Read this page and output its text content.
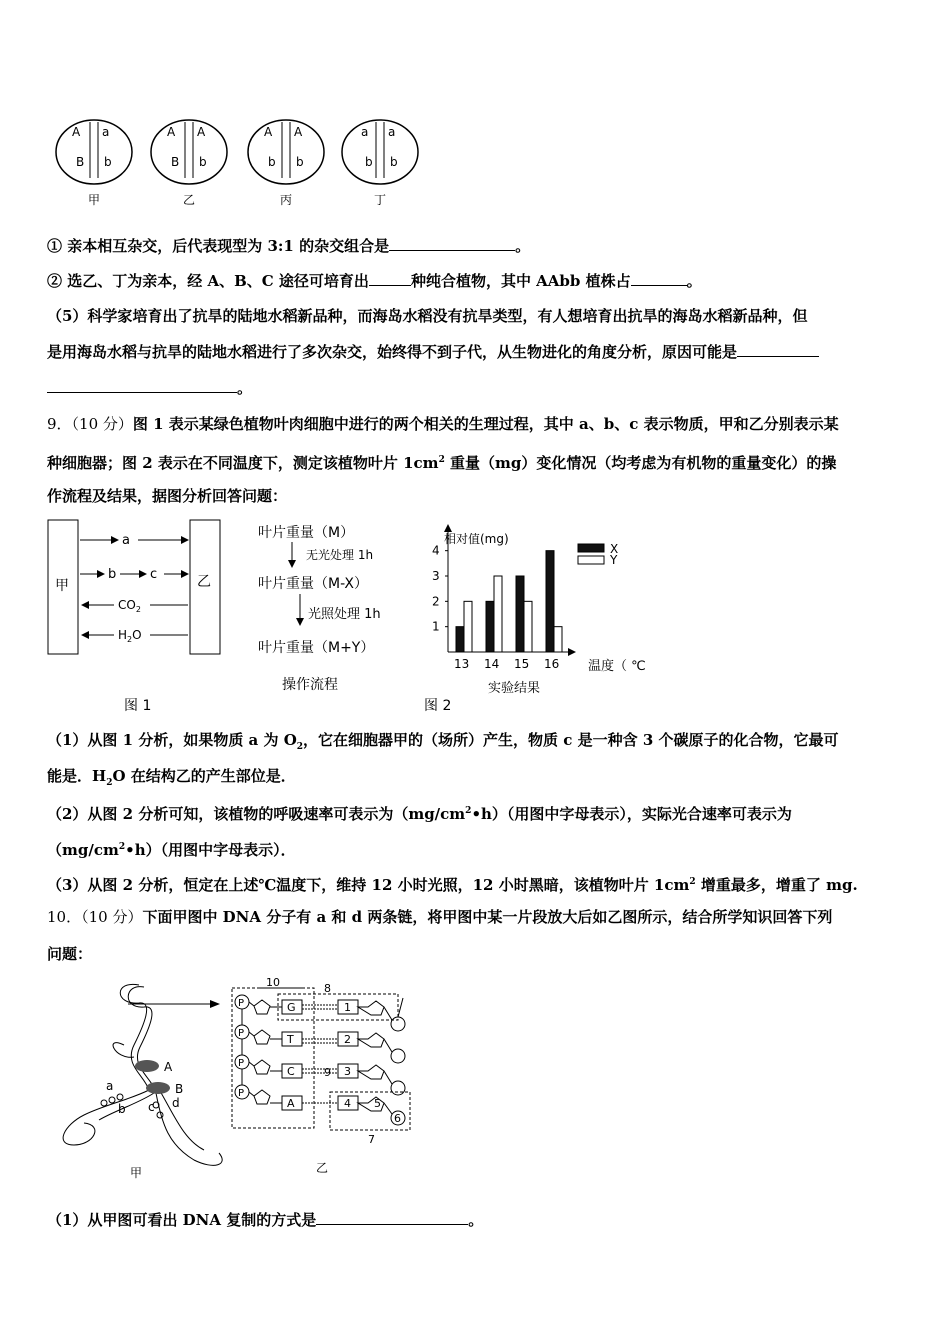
A a
B b
甲
A A
B b
乙
A A
b b
丙
a a
b b
丁
① 亲本相互杂交，后代表现型为 3:1 的杂交组合是	。
② 选乙、丁为亲本，经 A、B、C 途径可培育出	种纯合植物，其中 AAbb 植株占	。
（5）科学家培育出了抗旱的陆地水稻新品种，而海岛水稻没有抗旱类型，有人想培育出抗旱的海岛水稻新品种，但
是用海岛水稻与抗旱的陆地水稻进行了多次杂交，始终得不到子代，从生物进化的角度分析，原因可能是
。
9．（10 分）图 1 表示某绿色植物叶肉细胞中进行的两个相关的生理过程，其中 a、b、c 表示物质，甲和乙分别表示某
种细胞器；图 2 表示在不同温度下，测定该植物叶片 $1cm^2$ 重量（mg）变化情况（均考虑为有机物的重量变化）的操
作流程及结果，据图分析回答问题：
甲	乙
a
b	c
$CO_2$
$H_2O$
图 1
叶片重量（M）
无光处理 1h
叶片重量（M-X）
光照处理 1h
叶片重量（M+Y）
操作流程
相对值(mg)
1
2
3
4
13 14 15 16
X
Y
温度（ ℃
实验结果
图 2
（1）从图 1 分析，如果物质 a 为 $O_2$，它在细胞器甲的（场所）产生，物质 c 是一种含 3 个碳原子的化合物，它最可
能是．$H_2O$ 在结构乙的产生部位是．
（2）从图 2 分析可知，该植物的呼吸速率可表示为$(mg/cm^2•h)$（用图中字母表示），实际光合速率可表示为
$(mg/cm^2•h)$（用图中字母表示）．
（3）从图 2 分析，恒定在上述℃温度下，维持 12 小时光照，12 小时黑暗，该植物叶片 $1cm^2$ 增重最多，增重了 mg.
10．（10 分）下面甲图中 DNA 分子有 a 和 d 两条链，将甲图中某一片段放大后如乙图所示，结合所学知识回答下列
问题：
A
B
a
b c d
甲
10
P
P
P
P
G
T
C
A
8
9
1
2
3
4 5
6
7
乙
（1）从甲图可看出 DNA 复制的方式是	。
